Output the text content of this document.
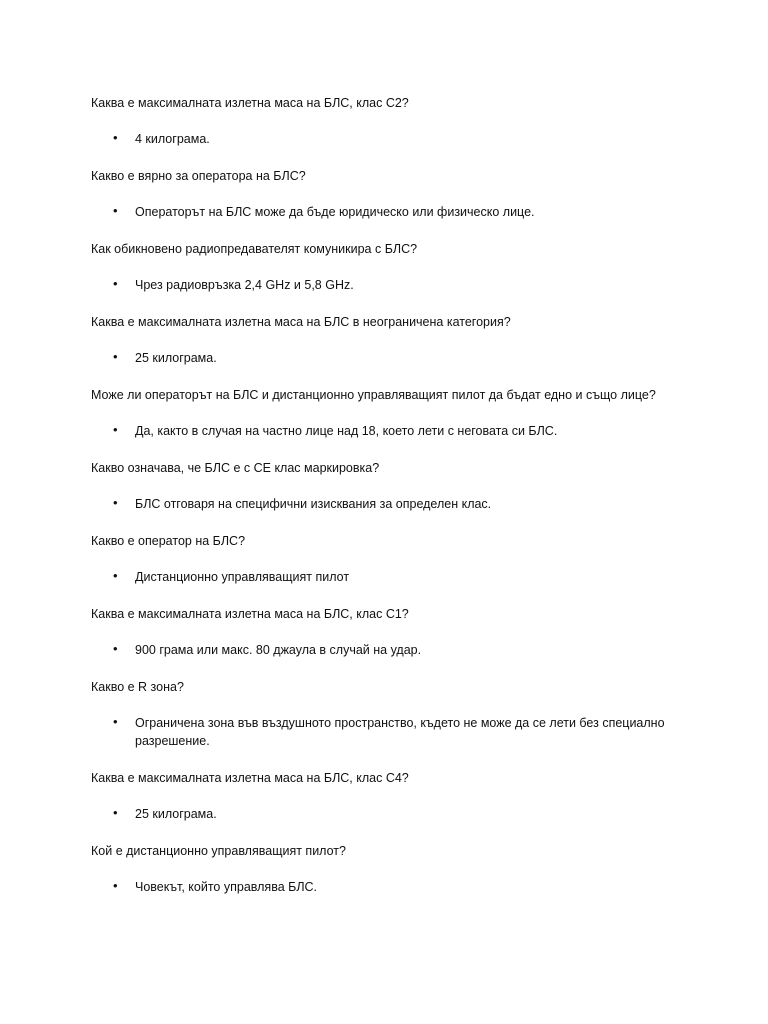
Каква е максималната излетна маса на БЛС, клас C2?

• 4 килограма.

Какво е вярно за оператора на БЛС?

• Операторът на БЛС може да бъде юридическо или физическо лице.

Как обикновено радиопредавателят комуникира с БЛС?

• Чрез радиовръзка 2,4 GHz и 5,8 GHz.

Каква е максималната излетна маса на БЛС в неограничена категория?

• 25 килограма.

Може ли операторът на БЛС и дистанционно управляващият пилот да бъдат едно и също лице?

• Да, както в случая на частно лице над 18, което лети с неговата си БЛС.

Какво означава, че БЛС е с CE клас маркировка?

• БЛС отговаря на специфични изисквания за определен клас.

Какво е оператор на БЛС?

• Дистанционно управляващият пилот

Каква е максималната излетна маса на БЛС, клас C1?

• 900 грама или макс. 80 джаула в случай на удар.

Какво е R зона?

• Ограничена зона във въздушното пространство, където не може да се лети без специално разрешение.

Каква е максималната излетна маса на БЛС, клас C4?

• 25 килограма.

Кой е дистанционно управляващият пилот?

• Човекът, който управлява БЛС.
